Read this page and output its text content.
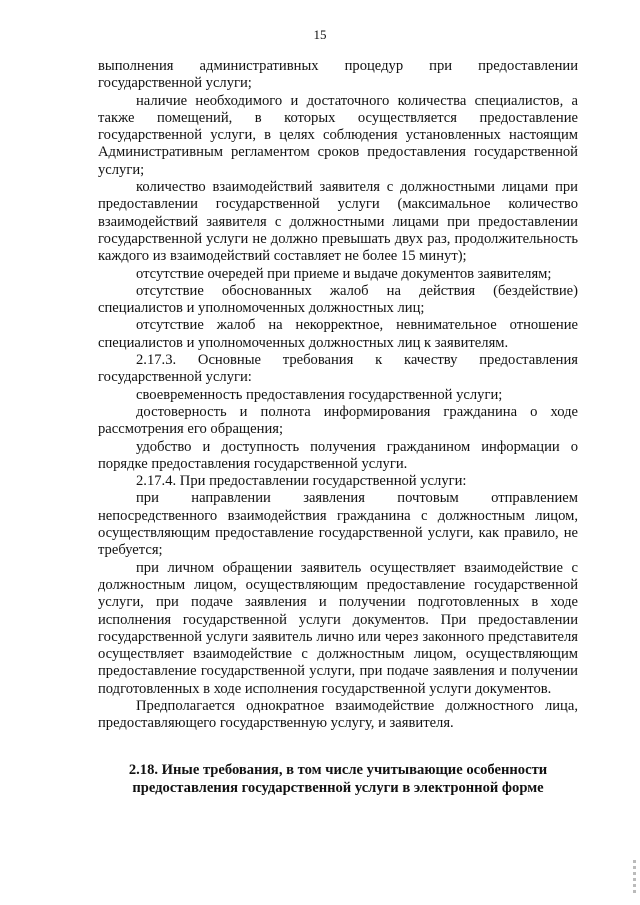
15

выполнения административных процедур при предоставлении государственной услуги;

наличие необходимого и достаточного количества специалистов, а также помещений, в которых осуществляется предоставление государственной услуги, в целях соблюдения установленных настоящим Административным регламентом сроков предоставления государственной услуги;

количество взаимодействий заявителя с должностными лицами при предоставлении государственной услуги (максимальное количество взаимодействий заявителя с должностными лицами при предоставлении государственной услуги не должно превышать двух раз, продолжительность каждого из взаимодействий составляет не более 15 минут);

отсутствие очередей при приеме и выдаче документов заявителям;

отсутствие обоснованных жалоб на действия (бездействие) специалистов и уполномоченных должностных лиц;

отсутствие жалоб на некорректное, невнимательное отношение специалистов и уполномоченных должностных лиц к заявителям.

2.17.3. Основные требования к качеству предоставления государственной услуги:

своевременность предоставления государственной услуги;

достоверность и полнота информирования гражданина о ходе рассмотрения его обращения;

удобство и доступность получения гражданином информации о порядке предоставления государственной услуги.

2.17.4. При предоставлении государственной услуги:

при направлении заявления почтовым отправлением непосредственного взаимодействия гражданина с должностным лицом, осуществляющим предоставление государственной услуги, как правило, не требуется;

при личном обращении заявитель осуществляет взаимодействие с должностным лицом, осуществляющим предоставление государственной услуги, при подаче заявления и получении подготовленных в ходе исполнения государственной услуги документов. При предоставлении государственной услуги заявитель лично или через законного представителя осуществляет взаимодействие с должностным лицом, осуществляющим предоставление государственной услуги, при подаче заявления и получении подготовленных в ходе исполнения государственной услуги документов.

Предполагается однократное взаимодействие должностного лица, предоставляющего государственную услугу, и заявителя.

2.18. Иные требования, в том числе учитывающие особенности предоставления государственной услуги в электронной форме
